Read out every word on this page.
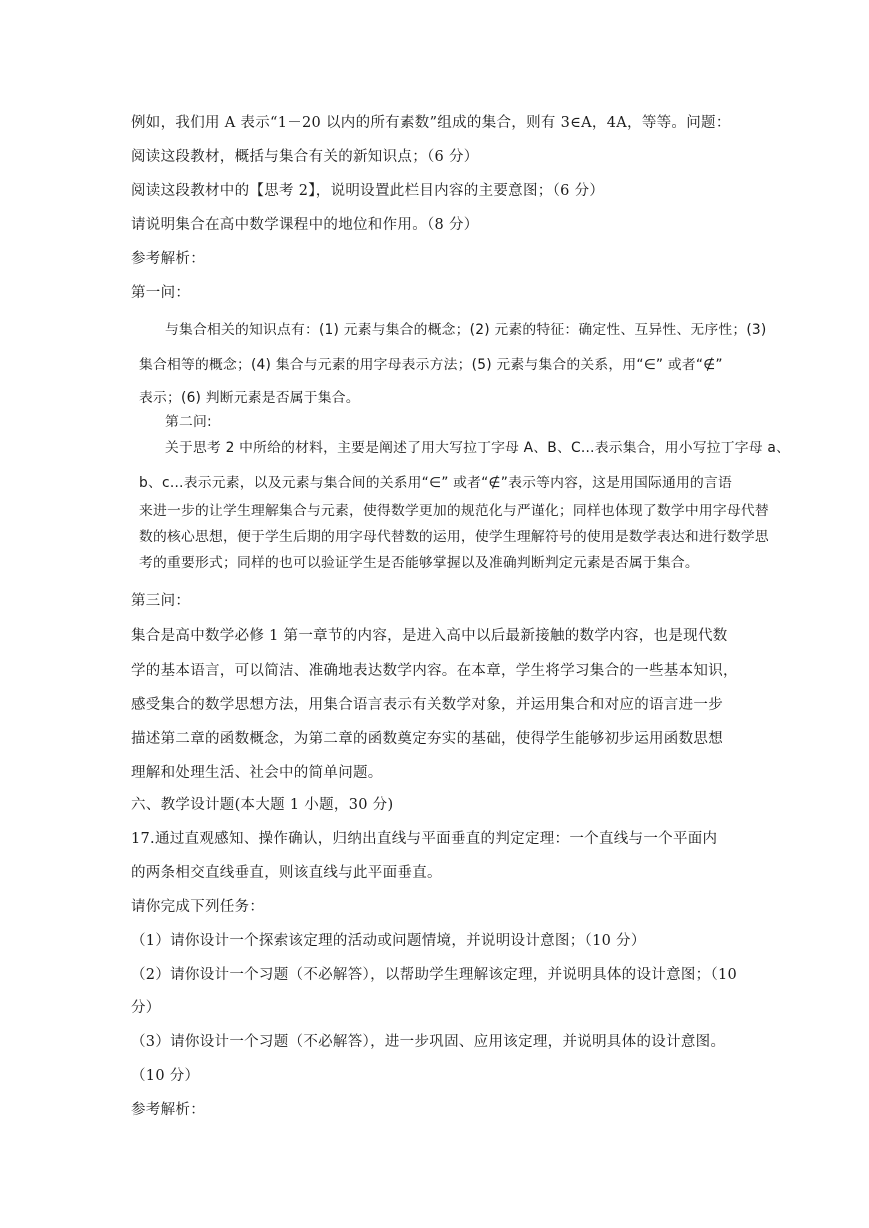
例如，我们用 A 表示“1－20 以内的所有素数”组成的集合，则有 3∈A，4A，等等。问题：
阅读这段教材，概括与集合有关的新知识点；（6 分）
阅读这段教材中的【思考 2】，说明设置此栏目内容的主要意图；（6 分）
请说明集合在高中数学课程中的地位和作用。（8 分）
参考解析：
第一问：
与集合相关的知识点有：(1) 元素与集合的概念；(2) 元素的特征：确定性、互异性、无序性；(3)
集合相等的概念；(4) 集合与元素的用字母表示方法；(5) 元素与集合的关系，用“∈” 或者“∉”
表示；(6) 判断元素是否属于集合。
第二问:
关于思考 2 中所给的材料，主要是阐述了用大写拉丁字母 A、B、C…表示集合，用小写拉丁字母 a、
b、c…表示元素，以及元素与集合间的关系用“∈” 或者“∉”表示等内容，这是用国际通用的言语
来进一步的让学生理解集合与元素，使得数学更加的规范化与严谨化；同样也体现了数学中用字母代替
数的核心思想，便于学生后期的用字母代替数的运用，使学生理解符号的使用是数学表达和进行数学思
考的重要形式；同样的也可以验证学生是否能够掌握以及准确判断判定元素是否属于集合。
第三问：
集合是高中数学必修 1 第一章节的内容，是进入高中以后最新接触的数学内容，也是现代数
学的基本语言，可以简洁、准确地表达数学内容。在本章，学生将学习集合的一些基本知识，
感受集合的数学思想方法，用集合语言表示有关数学对象，并运用集合和对应的语言进一步
描述第二章的函数概念，为第二章的函数奠定夯实的基础，使得学生能够初步运用函数思想
理解和处理生活、社会中的简单问题。
六、教学设计题(本大题 1 小题，30 分)
17.通过直观感知、操作确认，归纳出直线与平面垂直的判定定理：一个直线与一个平面内
的两条相交直线垂直，则该直线与此平面垂直。
请你完成下列任务：
（1）请你设计一个探索该定理的活动或问题情境，并说明设计意图；（10 分）
（2）请你设计一个习题（不必解答），以帮助学生理解该定理，并说明具体的设计意图；（10
分）
（3）请你设计一个习题（不必解答），进一步巩固、应用该定理，并说明具体的设计意图。
（10 分）
参考解析：
